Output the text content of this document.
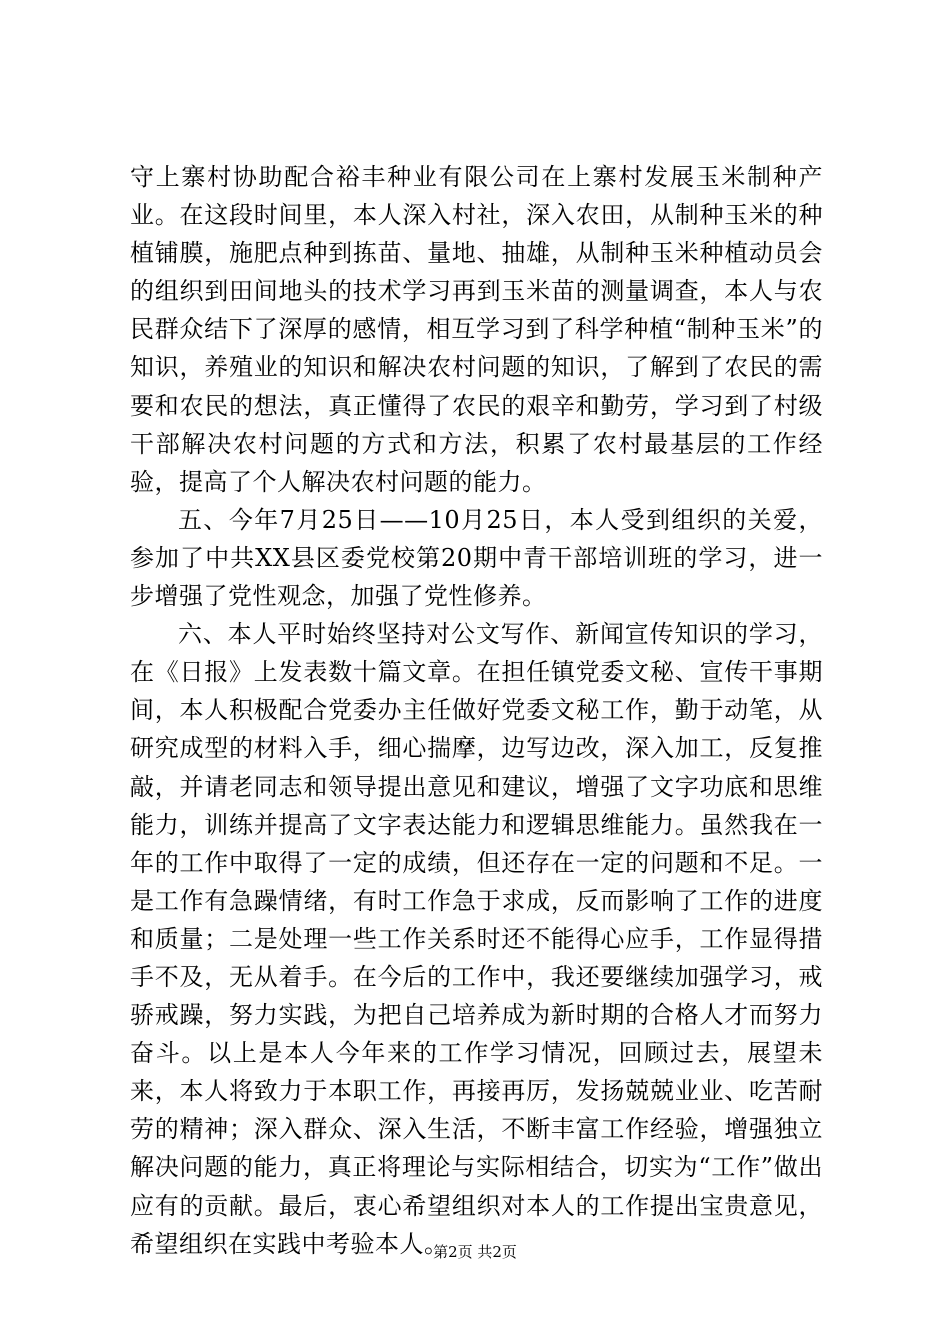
守上寨村协助配合裕丰种业有限公司在上寨村发展玉米制种产业。在这段时间里，本人深入村社，深入农田，从制种玉米的种植铺膜，施肥点种到拣苗、量地、抽雄，从制种玉米种植动员会的组织到田间地头的技术学习再到玉米苗的测量调查，本人与农民群众结下了深厚的感情，相互学习到了科学种植“制种玉米”的知识，养殖业的知识和解决农村问题的知识，了解到了农民的需要和农民的想法，真正懂得了农民的艰辛和勤劳，学习到了村级干部解决农村问题的方式和方法，积累了农村最基层的工作经验，提高了个人解决农村问题的能力。

五、今年7月25日——10月25日，本人受到组织的关爱，参加了中共XX县区委党校第20期中青干部培训班的学习，进一步增强了党性观念，加强了党性修养。

六、本人平时始终坚持对公文写作、新闻宣传知识的学习，在《日报》上发表数十篇文章。在担任镇党委文秘、宣传干事期间，本人积极配合党委办主任做好党委文秘工作，勤于动笔，从研究成型的材料入手，细心揣摩，边写边改，深入加工，反复推敲，并请老同志和领导提出意见和建议，增强了文字功底和思维能力，训练并提高了文字表达能力和逻辑思维能力。虽然我在一年的工作中取得了一定的成绩，但还存在一定的问题和不足。一是工作有急躁情绪，有时工作急于求成，反而影响了工作的进度和质量；二是处理一些工作关系时还不能得心应手，工作显得措手不及，无从着手。在今后的工作中，我还要继续加强学习，戒骄戒躁，努力实践，为把自己培养成为新时期的合格人才而努力奋斗。以上是本人今年来的工作学习情况，回顾过去，展望未来，本人将致力于本职工作，再接再厉，发扬兢兢业业、吃苦耐劳的精神；深入群众、深入生活，不断丰富工作经验，增强独立解决问题的能力，真正将理论与实际相结合，切实为“工作”做出应有的贡献。最后，衷心希望组织对本人的工作提出宝贵意见，希望组织在实践中考验本人。

第2页 共2页
